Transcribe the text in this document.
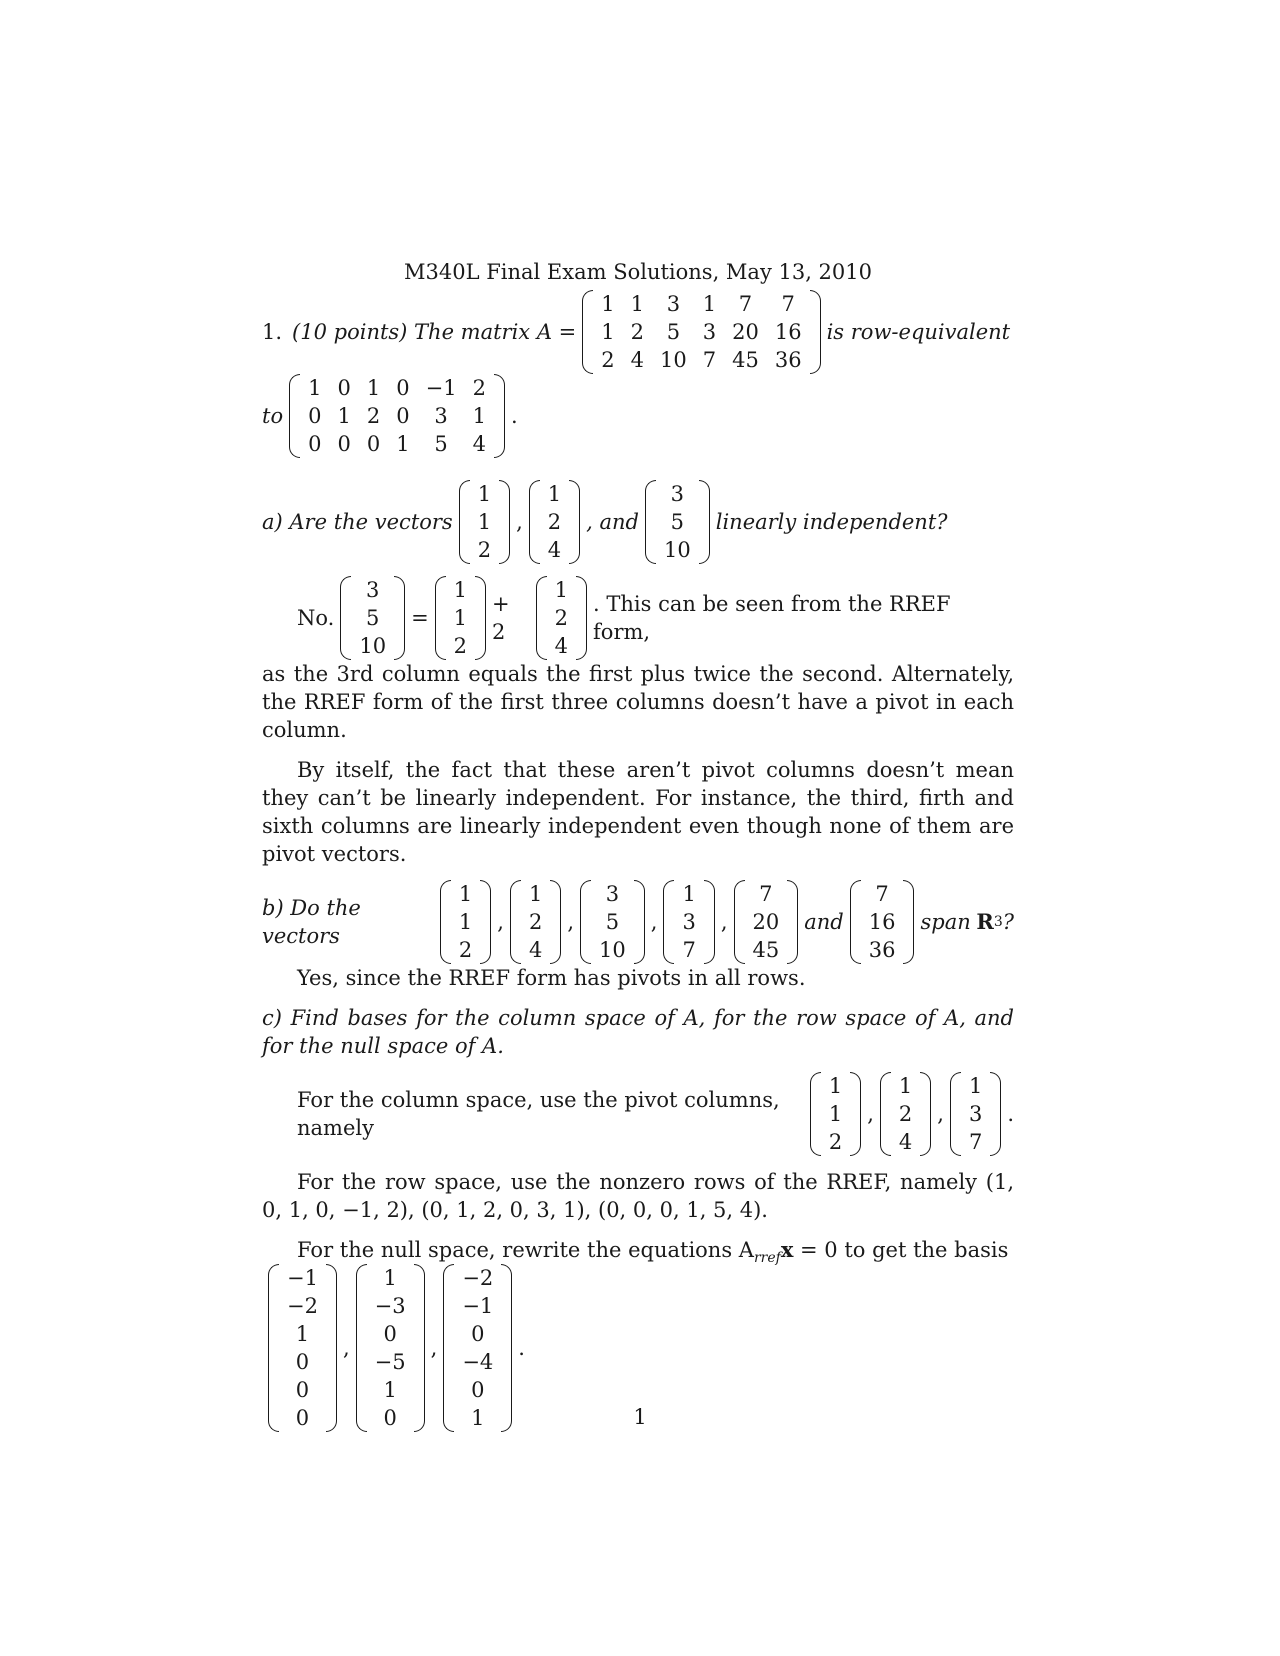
M340L Final Exam Solutions, May 13, 2010
1. (10 points) The matrix A =
1	1	3	1	7	7
1	2	5	3	20	16
2	4	10	7	45	36
is row-equivalent
to
1	0	1	0	−1	2
0	1	2	0	3	1
0	0	0	1	5	4
.
a) Are the vectors
1
1
2
,
1
2
4
, and
3
5
10
linearly independent?
No.
3
5
10
=
1
1
2
+ 2
1
2
4
. This can be seen from the RREF form,
as the 3rd column equals the first plus twice the second. Alternately, the RREF form of the first three columns doesn’t have a pivot in each column.
By itself, the fact that these aren’t pivot columns doesn’t mean they can’t be linearly independent. For instance, the third, firth and sixth columns are linearly independent even though none of them are pivot vectors.
b) Do the vectors
1
1
2
,
1
2
4
,
3
5
10
,
1
3
7
,
7
20
45
and
7
16
36
span R 3 ?
Yes, since the RREF form has pivots in all rows.
c) Find bases for the column space of A, for the row space of A, and for the null space of A.
For the column space, use the pivot columns, namely
1
1
2
,
1
2
4
,
1
3
7
.
For the row space, use the nonzero rows of the RREF, namely (1, 0, 1, 0, −1, 2), (0, 1, 2, 0, 3, 1), (0, 0, 0, 1, 5, 4).
For the null space, rewrite the equations $A_{rref}x = 0$ to get the basis
−1
−2
1
0
0
0
,
1
−3
0
−5
1
0
,
−2
−1
0
−4
0
1
.
1
